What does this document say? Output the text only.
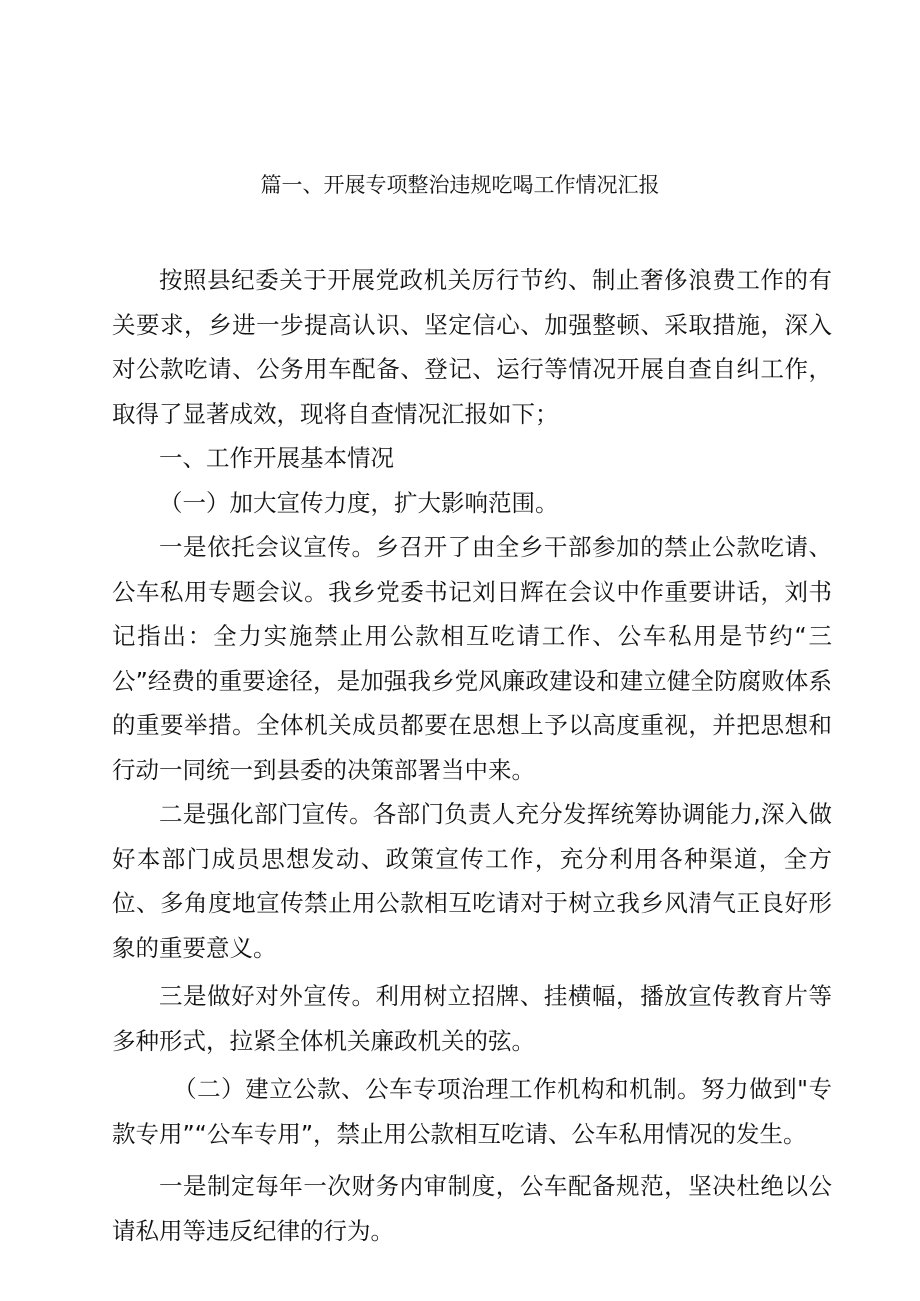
篇一、开展专项整治违规吃喝工作情况汇报

按照县纪委关于开展党政机关厉行节约、制止奢侈浪费工作的有关要求，乡进一步提高认识、坚定信心、加强整顿、采取措施，深入对公款吃请、公务用车配备、登记、运行等情况开展自查自纠工作，取得了显著成效，现将自查情况汇报如下；

一、工作开展基本情况

（一）加大宣传力度，扩大影响范围。

一是依托会议宣传。乡召开了由全乡干部参加的禁止公款吃请、公车私用专题会议。我乡党委书记刘日辉在会议中作重要讲话，刘书记指出：全力实施禁止用公款相互吃请工作、公车私用是节约“三公”经费的重要途径，是加强我乡党风廉政建设和建立健全防腐败体系的重要举措。全体机关成员都要在思想上予以高度重视，并把思想和行动一同统一到县委的决策部署当中来。

二是强化部门宣传。各部门负责人充分发挥统筹协调能力,深入做好本部门成员思想发动、政策宣传工作，充分利用各种渠道，全方位、多角度地宣传禁止用公款相互吃请对于树立我乡风清气正良好形象的重要意义。

三是做好对外宣传。利用树立招牌、挂横幅，播放宣传教育片等多种形式，拉紧全体机关廉政机关的弦。

（二）建立公款、公车专项治理工作机构和机制。努力做到"专款专用”“公车专用”，禁止用公款相互吃请、公车私用情况的发生。

一是制定每年一次财务内审制度，公车配备规范，坚决杜绝以公请私用等违反纪律的行为。
